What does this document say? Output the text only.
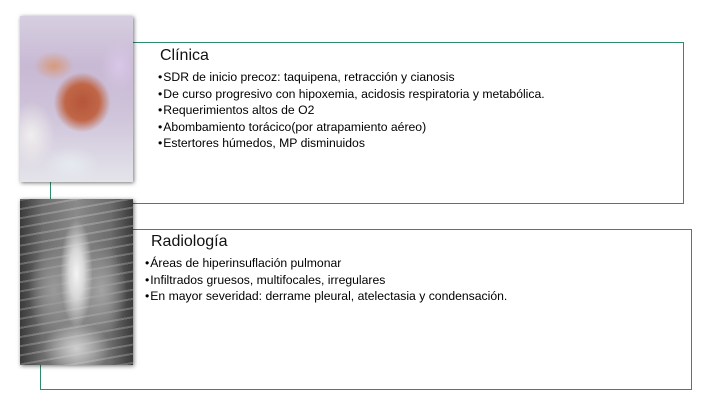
Clínica
•SDR de inicio precoz: taquipena, retracción y cianosis
•De curso progresivo con hipoxemia, acidosis respiratoria y metabólica.
•Requerimientos altos de O2
•Abombamiento torácico(por atrapamiento aéreo)
•Estertores húmedos, MP disminuidos
Radiología
•Áreas de hiperinsuflación pulmonar
•Infiltrados gruesos, multifocales, irregulares
•En mayor severidad: derrame pleural, atelectasia y condensación.
